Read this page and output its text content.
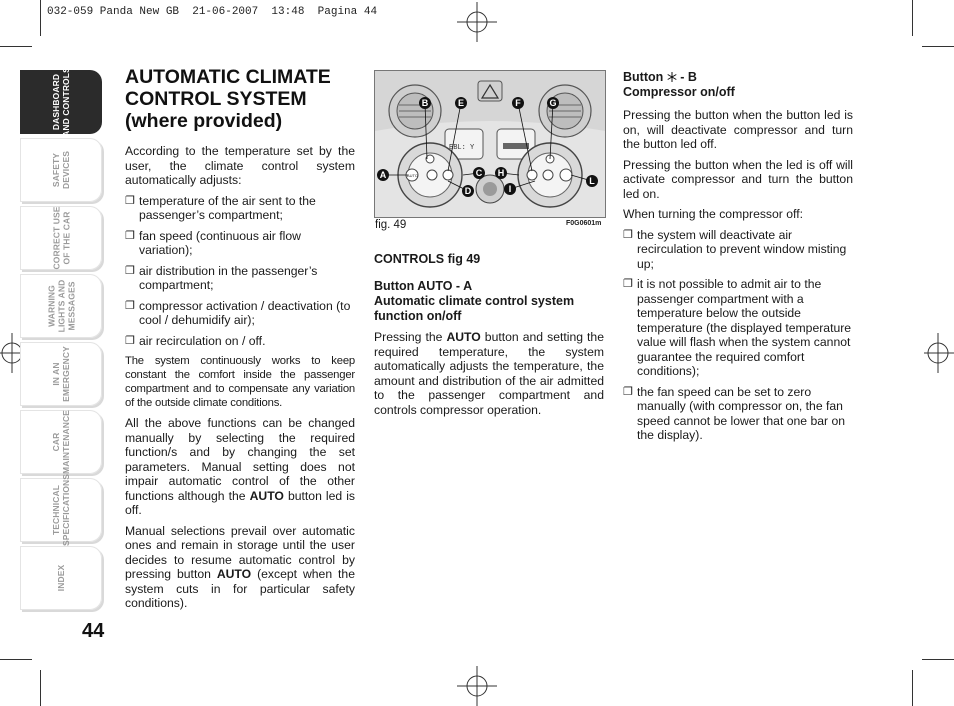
032-059 Panda New GB  21-06-2007  13:48  Pagina 44
DASHBOARD
AND CONTROLS
SAFETY
DEVICES
CORRECT USE
OF THE CAR
WARNING
LIGHTS AND
MESSAGES
IN AN
EMERGENCY
CAR
MAINTENANCE
TECHNICAL
SPECIFICATIONS
INDEX
44
AUTOMATIC CLIMATE
CONTROL SYSTEM
(where provided)

According to the temperature set by the user, the climate control system automatically adjusts:

❐ temperature of the air sent to the passenger’s compartment;
❐ fan speed (continuous air flow variation);
❐ air distribution in the passenger’s compartment;
❐ compressor activation / deactivation (to cool / dehumidify air);
❐ air recirculation on / off.

The system continuously works to keep constant the comfort inside the passenger compartment and to compensate any variation of the outside climate conditions.

All the above functions can be changed manually by selecting the required function/s and by changing the set parameters. Manual setting does not impair automatic control of the other functions although the AUTO button led is off.

Manual selections prevail over automatic ones and remain in storage until the user decides to resume automatic control by pressing button AUTO (except when the system cuts in for particular safety conditions).

EBL: Y
AUTO
A
B
C
D
E	F	G
H
I
L
fig. 49	F0G0601m
CONTROLS fig 49
Button AUTO - A
Automatic climate control system function on/off

Pressing the AUTO button and setting the required temperature, the system automatically adjusts the temperature, the amount and distribution of the air admitted to the passenger compartment and controls compressor operation.

Button  - B
Compressor on/off

Pressing the button when the button led is on, will deactivate compressor and turn the button led off.

Pressing the button when the led is off will activate compressor and turn the button led on.

When turning the compressor off:

❐ the system will deactivate air recirculation to prevent window misting up;
❐ it is not possible to admit air to the passenger compartment with a temperature below the outside temperature (the displayed temperature value will flash when the system cannot guarantee the required comfort conditions);
❐ the fan speed can be set to zero manually (with compressor on, the fan speed cannot be lower that one bar on the display).
